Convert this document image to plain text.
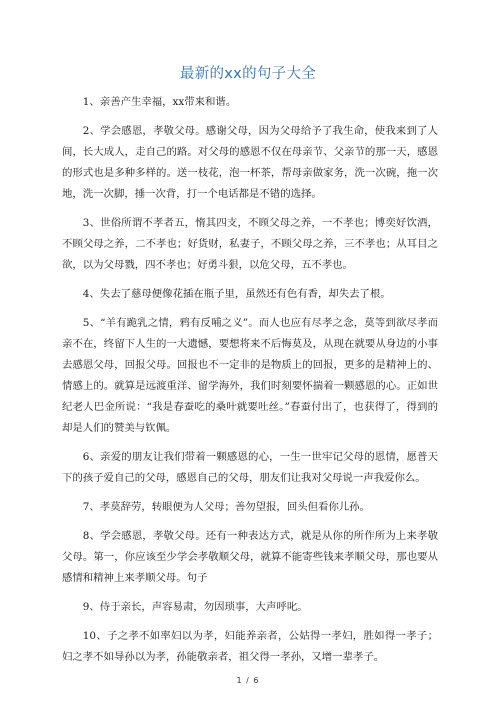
最新的xx的句子大全

1、亲善产生幸福，xx带来和谐。

2、学会感恩，孝敬父母。感谢父母，因为父母给予了我生命，使我来到了人间，长大成人，走自己的路。对父母的感恩不仅在母亲节、父亲节的那一天，感恩的形式也是多种多样的。送一枝花，泡一杯茶，帮母亲做家务，洗一次碗，拖一次地，洗一次脚，捶一次背，打一个电话都是不错的选择。

3、世俗所谓不孝者五，惰其四支，不顾父母之养，一不孝也；博奕好饮酒，不顾父母之养，二不孝也；好货财，私妻子，不顾父母之养，三不孝也；从耳目之欲，以为父母戮，四不孝也；好勇斗狠，以危父母，五不孝也。

4、失去了慈母便像花插在瓶子里，虽然还有色有香，却失去了根。

5、“羊有跪乳之情，鸦有反哺之义”。而人也应有尽孝之念，莫等到欲尽孝而亲不在，终留下人生的一大遗憾，要想将来不后悔莫及，从现在就要从身边的小事去感恩父母，回报父母。回报也不一定非的是物质上的回报，更多的是精神上的、情感上的。就算是远渡重洋、留学海外，我们时刻要怀揣着一颗感恩的心。正如世纪老人巴金所说：“我是春蚕吃的桑叶就要吐丝。”春蚕付出了，也获得了，得到的却是人们的赞美与钦佩。

6、亲爱的朋友让我们带着一颗感恩的心，一生一世牢记父母的恩情，愿普天下的孩子爱自己的父母，感恩自己的父母，朋友们让我对父母说一声我爱你么。

7、孝莫辞劳，转眼便为人父母；善勿望报，回头但看你儿孙。

8、学会感恩，孝敬父母。还有一种表达方式，就是从你的所作所为上来孝敬父母。第一，你应该至少学会孝敬顺父母，就算不能寄些钱来孝顺父母，那也要从感情和精神上来孝顺父母。句子

9、侍于亲长，声容易肃，勿因琐事，大声呼叱。

10、子之孝不如率妇以为孝，妇能养亲者，公姑得一孝妇，胜如得一孝子；妇之孝不如导孙以为孝，孙能敬亲者，祖父得一孝孙，又增一辈孝子。

1 / 6
